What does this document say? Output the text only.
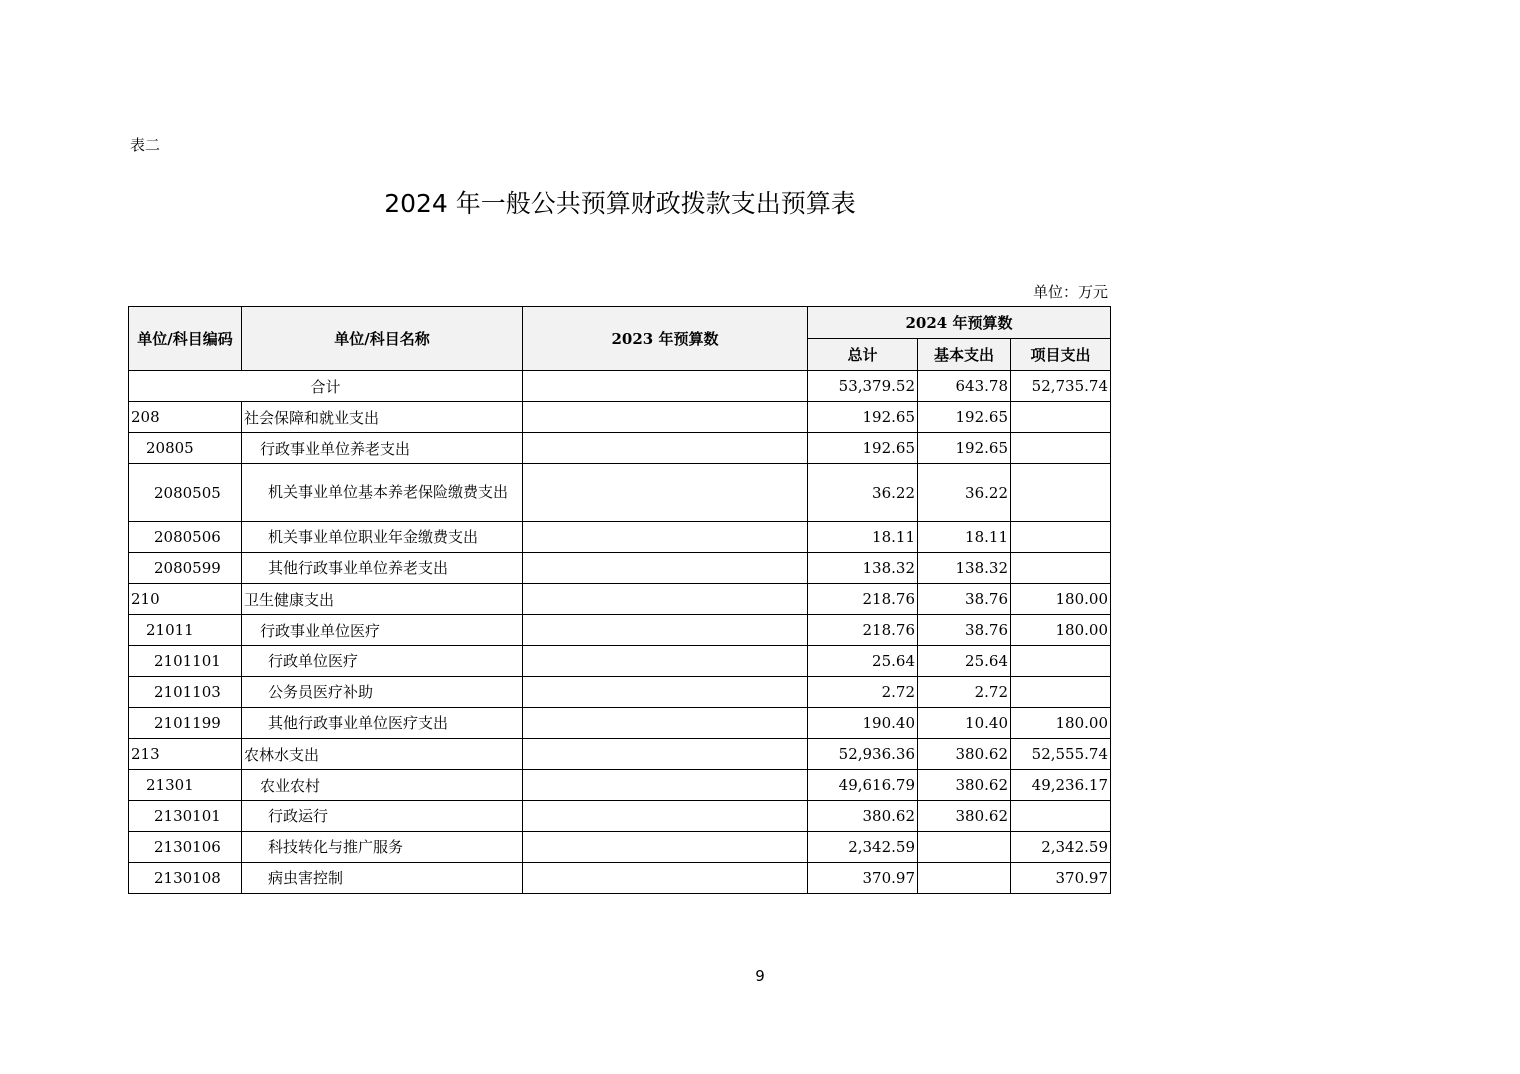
表二
2024 年一般公共预算财政拨款支出预算表
单位：万元
单位/科目编码	单位/科目名称	2023 年预算数	2024 年预算数		
			总计	基本支出	项目支出
合计			53,379.52	643.78	52,735.74
208	社会保障和就业支出		192.65	192.65	
20805	行政事业单位养老支出		192.65	192.65	
2080505	机关事业单位基本养老保险缴费支出		36.22	36.22	
2080506	机关事业单位职业年金缴费支出		18.11	18.11	
2080599	其他行政事业单位养老支出		138.32	138.32	
210	卫生健康支出		218.76	38.76	180.00
21011	行政事业单位医疗		218.76	38.76	180.00
2101101	行政单位医疗		25.64	25.64	
2101103	公务员医疗补助		2.72	2.72	
2101199	其他行政事业单位医疗支出		190.40	10.40	180.00
213	农林水支出		52,936.36	380.62	52,555.74
21301	农业农村		49,616.79	380.62	49,236.17
2130101	行政运行		380.62	380.62	
2130106	科技转化与推广服务		2,342.59		2,342.59
2130108	病虫害控制		370.97		370.97
9
